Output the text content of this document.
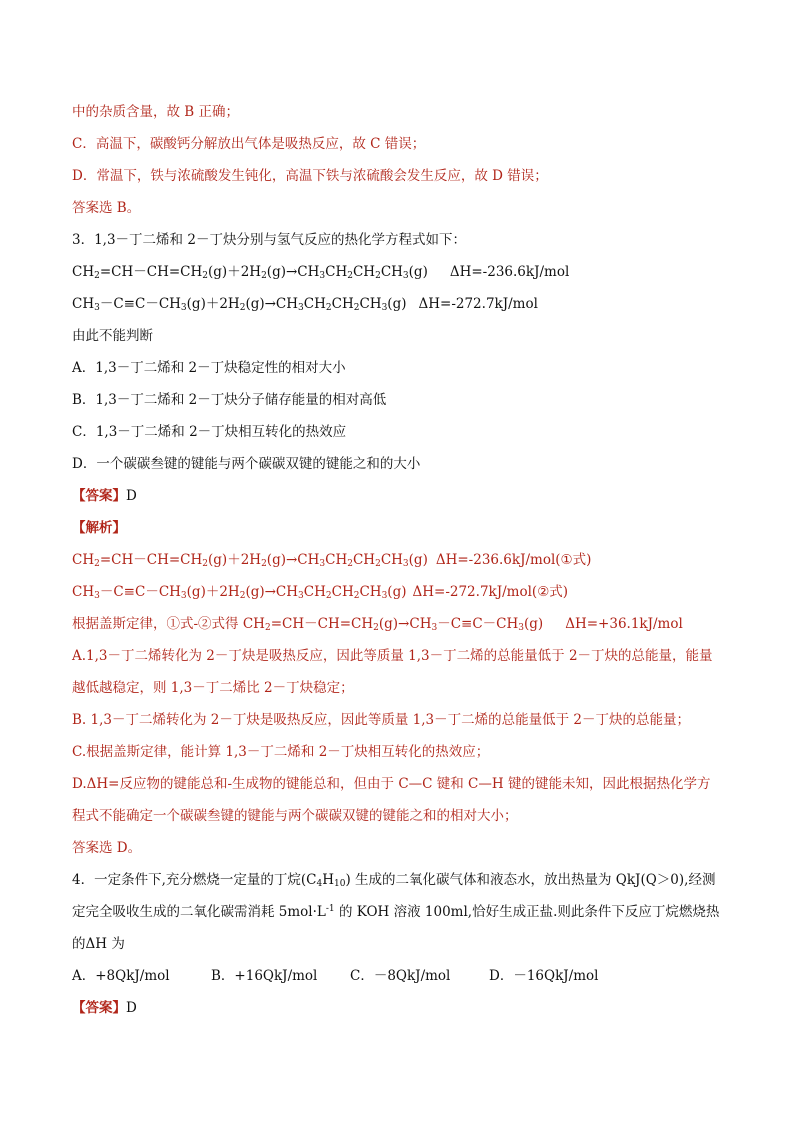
中的杂质含量，故 B 正确；
C．高温下，碳酸钙分解放出气体是吸热反应，故 C 错误；
D．常温下，铁与浓硫酸发生钝化，高温下铁与浓硫酸会发生反应，故 D 错误；
答案选 B。
3．1,3－丁二烯和 2－丁炔分别与氢气反应的热化学方程式如下：
$CH_2=CH-CH=CH_2(g)+2H_2(g)\to CH_3CH_2CH_2CH_3(g)$ ΔH=-236.6kJ/mol
$CH_3-C\equiv C-CH_3(g)+2H_2(g)\to CH_3CH_2CH_2CH_3(g)$ ΔH=-272.7kJ/mol
由此不能判断
A．1,3－丁二烯和 2－丁炔稳定性的相对大小
B．1,3－丁二烯和 2－丁炔分子储存能量的相对高低
C．1,3－丁二烯和 2－丁炔相互转化的热效应
D．一个碳碳叁键的键能与两个碳碳双键的键能之和的大小
【答案】D
【解析】
$CH_2=CH-CH=CH_2(g)+2H_2(g)\to CH_3CH_2CH_2CH_3(g)$ ΔH=-236.6kJ/mol(①式)
$CH_3-C\equiv C-CH_3(g)+2H_2(g)\to CH_3CH_2CH_2CH_3(g)$ ΔH=-272.7kJ/mol(②式)
根据盖斯定律，①式-②式得 $CH_2=CH-CH=CH_2(g)\to CH_3-C\equiv C-CH_3(g)$ ΔH=+36.1kJ/mol
A.1,3－丁二烯转化为 2－丁炔是吸热反应，因此等质量 1,3－丁二烯的总能量低于 2－丁炔的总能量，能量
越低越稳定，则 1,3－丁二烯比 2－丁炔稳定；
B. 1,3－丁二烯转化为 2－丁炔是吸热反应，因此等质量 1,3－丁二烯的总能量低于 2－丁炔的总能量；
C.根据盖斯定律，能计算 1,3－丁二烯和 2－丁炔相互转化的热效应；
D.ΔH=反应物的键能总和-生成物的键能总和，但由于 C—C 键和 C—H 键的键能未知，因此根据热化学方
程式不能确定一个碳碳叁键的键能与两个碳碳双键的键能之和的相对大小；
答案选 D。
4．一定条件下,充分燃烧一定量的丁烷$(C_4H_{10})$ 生成的二氧化碳气体和液态水，放出热量为 QkJ(Q＞0),经测
定完全吸收生成的二氧化碳需消耗 $5mol\cdot L^{-1}$ 的 KOH 溶液 100ml,恰好生成正盐.则此条件下反应丁烷燃烧热
的ΔH 为
A．+8QkJ/mol	B．+16QkJ/mol C．－8QkJ/mol	D．－16QkJ/mol
【答案】D
